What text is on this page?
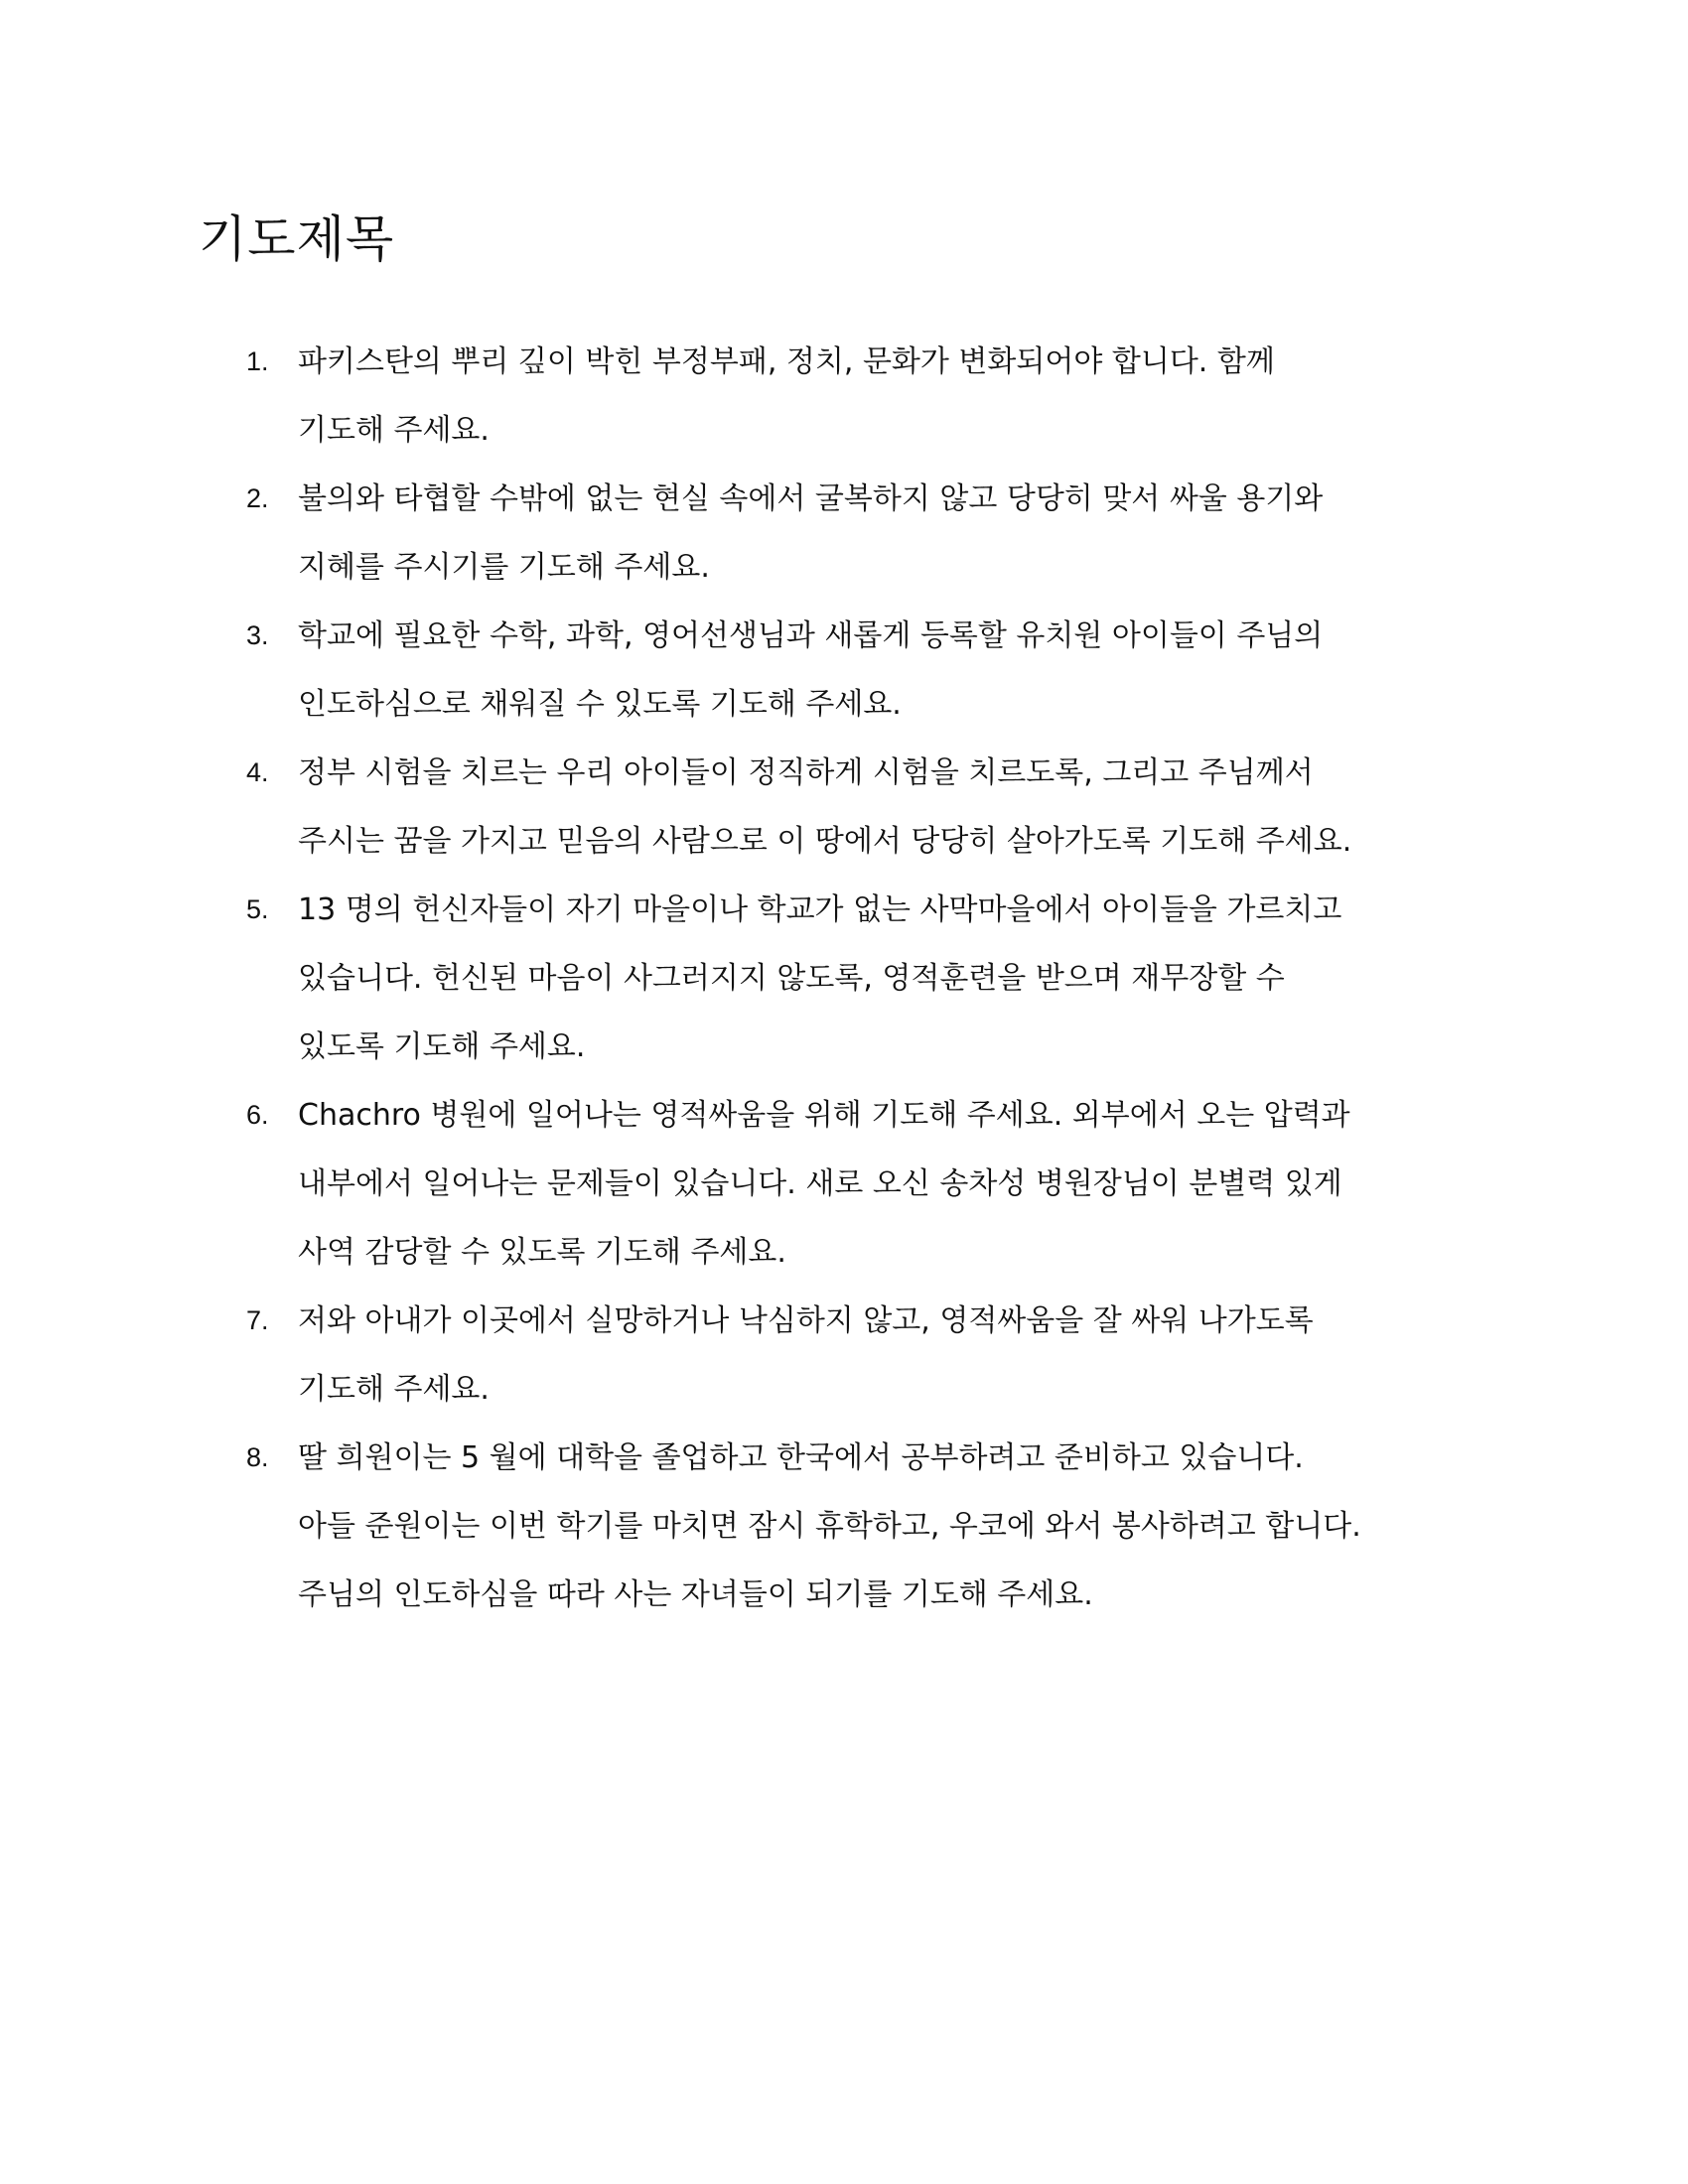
기도제목
1. 파키스탄의 뿌리 깊이 박힌 부정부패, 정치, 문화가 변화되어야 합니다. 함께
기도해 주세요.
2. 불의와 타협할 수밖에 없는 현실 속에서 굴복하지 않고 당당히 맞서 싸울 용기와
지혜를 주시기를 기도해 주세요.
3. 학교에 필요한 수학, 과학, 영어선생님과 새롭게 등록할 유치원 아이들이 주님의
인도하심으로 채워질 수 있도록 기도해 주세요.
4. 정부 시험을 치르는 우리 아이들이 정직하게 시험을 치르도록, 그리고 주님께서
주시는 꿈을 가지고 믿음의 사람으로 이 땅에서 당당히 살아가도록 기도해 주세요.
5. 13 명의 헌신자들이 자기 마을이나 학교가 없는 사막마을에서 아이들을 가르치고
있습니다. 헌신된 마음이 사그러지지 않도록, 영적훈련을 받으며 재무장할 수
있도록 기도해 주세요.
6. Chachro 병원에 일어나는 영적싸움을 위해 기도해 주세요. 외부에서 오는 압력과
내부에서 일어나는 문제들이 있습니다. 새로 오신 송차성 병원장님이 분별력 있게
사역 감당할 수 있도록 기도해 주세요.
7. 저와 아내가 이곳에서 실망하거나 낙심하지 않고, 영적싸움을 잘 싸워 나가도록
기도해 주세요.
8. 딸 희원이는 5 월에 대학을 졸업하고 한국에서 공부하려고 준비하고 있습니다.
아들 준원이는 이번 학기를 마치면 잠시 휴학하고, 우코에 와서 봉사하려고 합니다.
주님의 인도하심을 따라 사는 자녀들이 되기를 기도해 주세요.
